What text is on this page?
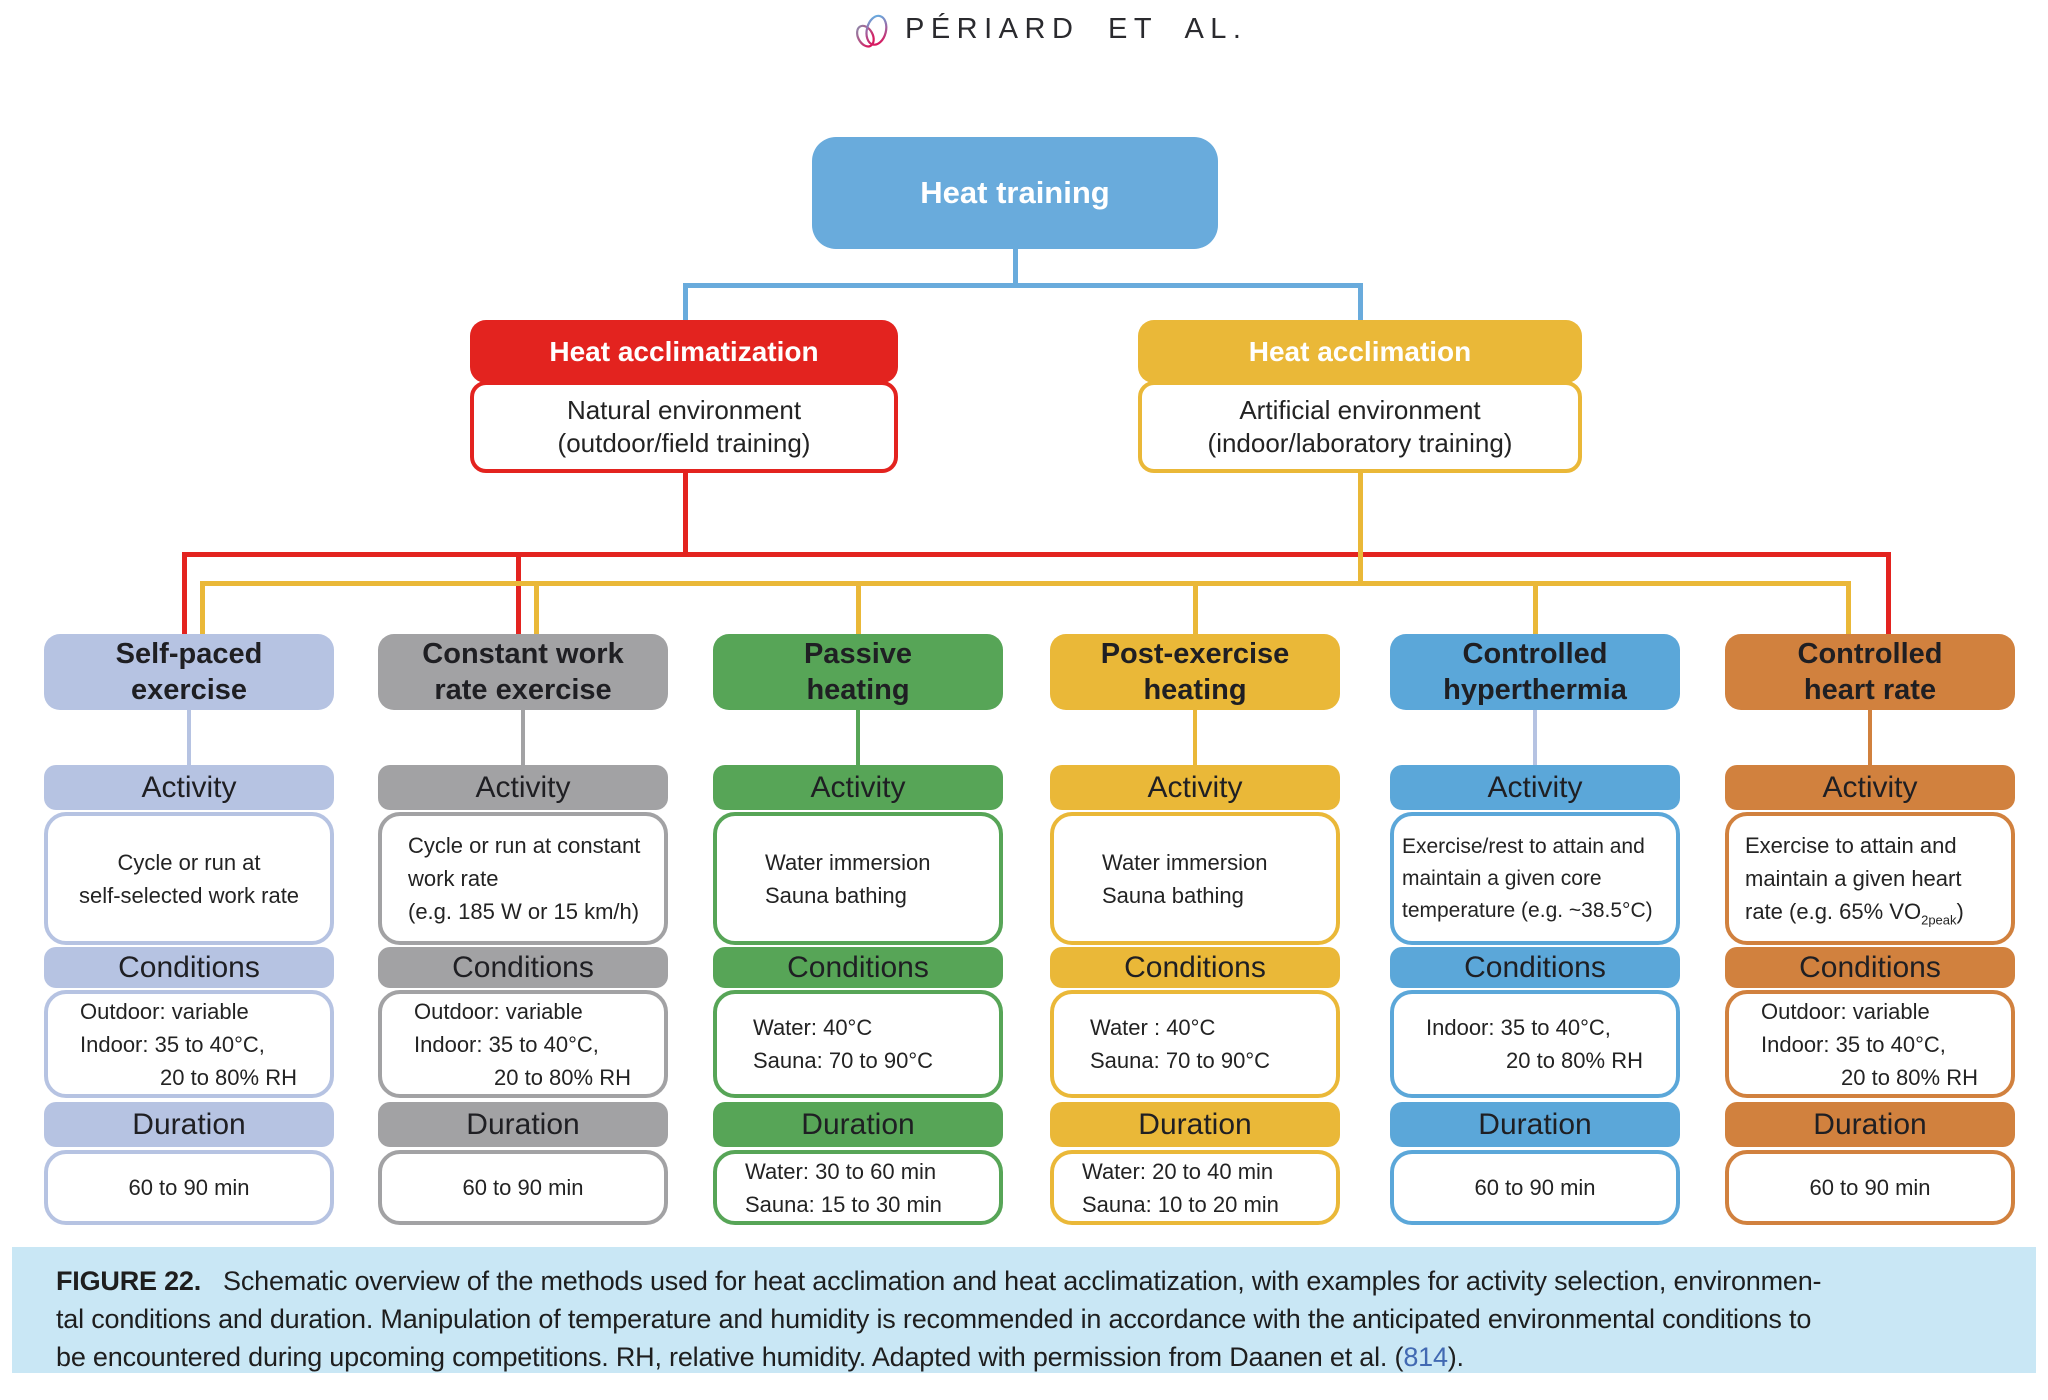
PÉRIARD ET AL.
Heat training
Heat acclimatization
Natural environment
(outdoor/field training)
Heat acclimation
Artificial environment
(indoor/laboratory training)
Self-paced
exercise
Activity
Cycle or run at
self-selected work rate
Conditions
Outdoor: variable
Indoor: 35 to 40°C,
20 to 80% RH
Duration
60 to 90 min
Constant work
rate exercise
Activity
Cycle or run at constant
work rate
(e.g. 185 W or 15 km/h)
Conditions
Outdoor: variable
Indoor: 35 to 40°C,
20 to 80% RH
Duration
60 to 90 min
Passive
heating
Activity
Water immersion
Sauna bathing
Conditions
Water: 40°C
Sauna: 70 to 90°C
Duration
Water: 30 to 60 min
Sauna: 15 to 30 min
Post-exercise
heating
Activity
Water immersion
Sauna bathing
Conditions
Water : 40°C
Sauna: 70 to 90°C
Duration
Water: 20 to 40 min
Sauna: 10 to 20 min
Controlled
hyperthermia
Activity
Exercise/rest to attain and
maintain a given core
temperature (e.g. ~38.5°C)
Conditions
Indoor: 35 to 40°C,
20 to 80% RH
Duration
60 to 90 min
Controlled
heart rate
Activity
Exercise to attain and
maintain a given heart
rate (e.g. 65% $VO_{2peak}$)
Conditions
Outdoor: variable
Indoor: 35 to 40°C,
20 to 80% RH
Duration
60 to 90 min
FIGURE 22. Schematic overview of the methods used for heat acclimation and heat acclimatization, with examples for activity selection, environmen-
tal conditions and duration. Manipulation of temperature and humidity is recommended in accordance with the anticipated environmental conditions to
be encountered during upcoming competitions. RH, relative humidity. Adapted with permission from Daanen et al. (814).
